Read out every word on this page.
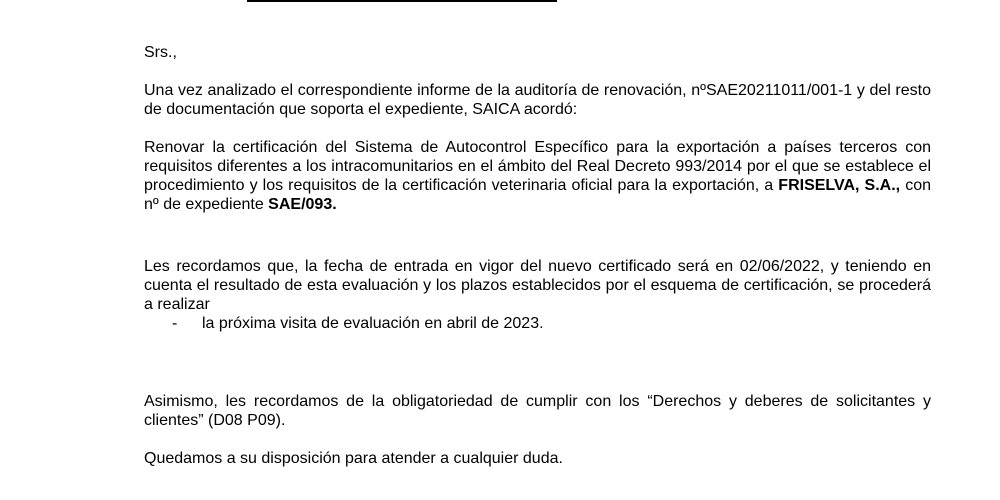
Srs.,

Una vez analizado el correspondiente informe de la auditoría de renovación, nºSAE20211011/001-1 y del resto de documentación que soporta el expediente, SAICA acordó:

Renovar la certificación del Sistema de Autocontrol Específico para la exportación a países terceros con requisitos diferentes a los intracomunitarios en el ámbito del Real Decreto 993/2014 por el que se establece el procedimiento y los requisitos de la certificación veterinaria oficial para la exportación, a FRISELVA, S.A., con nº de expediente SAE/093.

Les recordamos que, la fecha de entrada en vigor del nuevo certificado será en 02/06/2022, y teniendo en cuenta el resultado de esta evaluación y los plazos establecidos por el esquema de certificación, se procederá a realizar

-	la próxima visita de evaluación en abril de 2023.

Asimismo, les recordamos de la obligatoriedad de cumplir con los “Derechos y deberes de solicitantes y clientes” (D08 P09).

Quedamos a su disposición para atender a cualquier duda.
